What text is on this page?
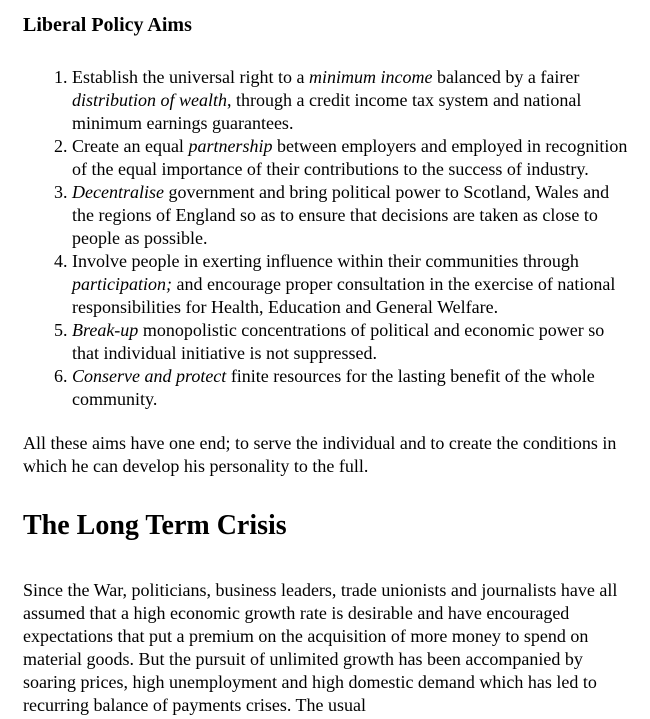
Liberal Policy Aims
1. Establish the universal right to a minimum income balanced by a fairer distribution of wealth, through a credit income tax system and national minimum earnings guarantees.
2. Create an equal partnership between employers and employed in recognition of the equal importance of their contributions to the success of industry.
3. Decentralise government and bring political power to Scotland, Wales and the regions of England so as to ensure that decisions are taken as close to people as possible.
4. Involve people in exerting influence within their communities through participation; and encourage proper consultation in the exercise of national responsibilities for Health, Education and General Welfare.
5. Break-up monopolistic concentrations of political and economic power so that individual initiative is not suppressed.
6. Conserve and protect finite resources for the lasting benefit of the whole community.

All these aims have one end; to serve the individual and to create the conditions in which he can develop his personality to the full.

The Long Term Crisis

Since the War, politicians, business leaders, trade unionists and journalists have all assumed that a high economic growth rate is desirable and have encouraged expectations that put a premium on the acquisition of more money to spend on material goods. But the pursuit of unlimited growth has been accompanied by soaring prices, high unemployment and high domestic demand which has led to recurring balance of payments crises. The usual
